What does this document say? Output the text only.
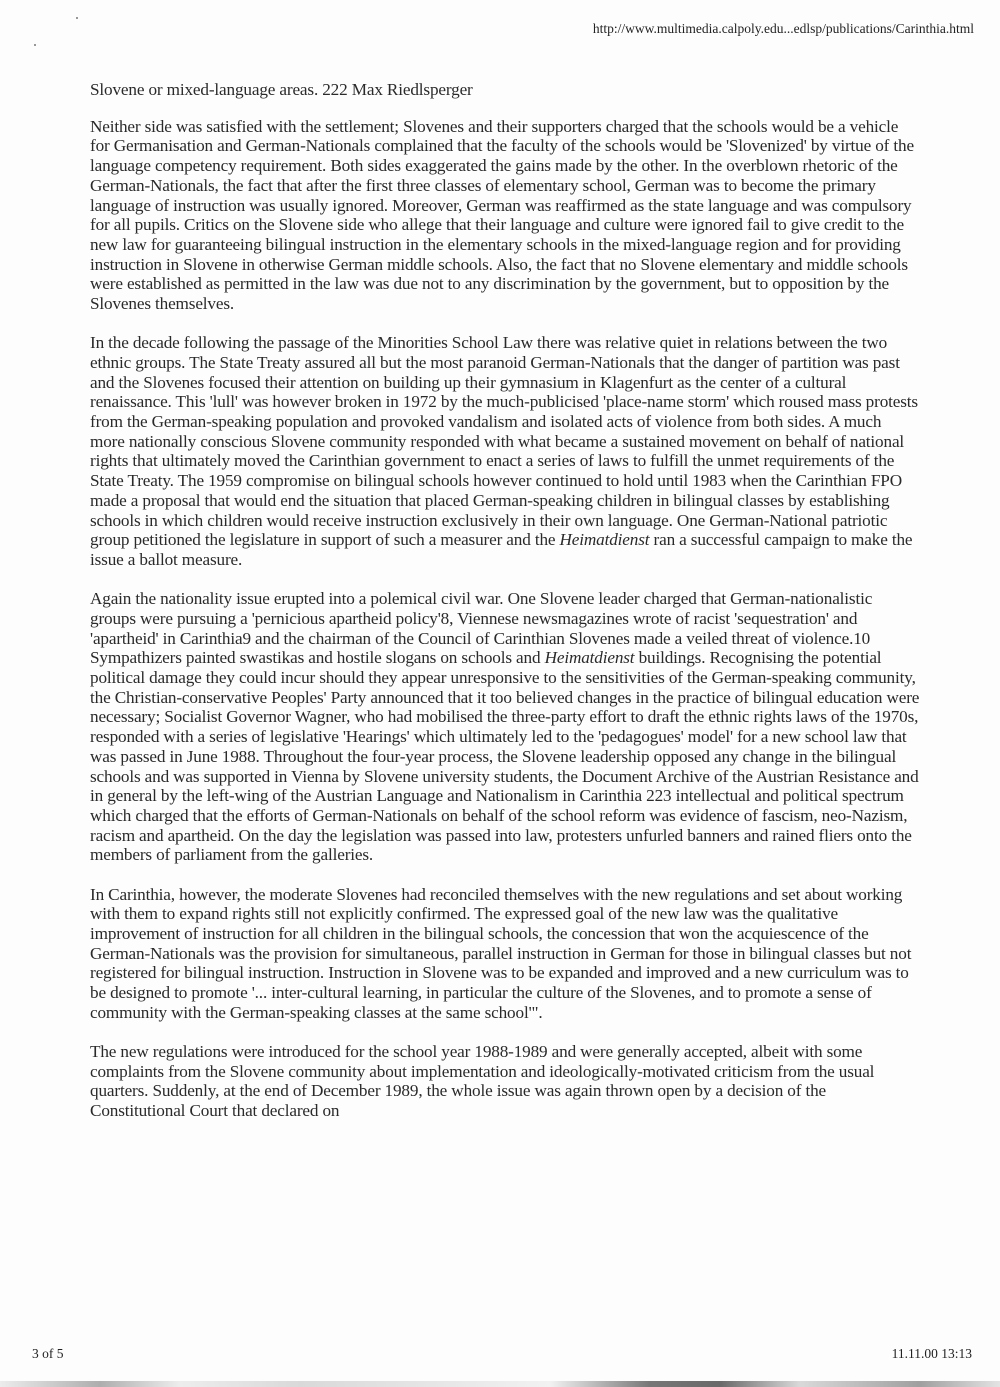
http://www.multimedia.calpoly.edu...edlsp/publications/Carinthia.html

Slovene or mixed-language areas. 222 Max Riedlsperger

Neither side was satisfied with the settlement; Slovenes and their supporters charged that the schools would be a vehicle for Germanisation and German-Nationals complained that the faculty of the schools would be 'Slovenized' by virtue of the language competency requirement. Both sides exaggerated the gains made by the other. In the overblown rhetoric of the German-Nationals, the fact that after the first three classes of elementary school, German was to become the primary language of instruction was usually ignored. Moreover, German was reaffirmed as the state language and was compulsory for all pupils. Critics on the Slovene side who allege that their language and culture were ignored fail to give credit to the new law for guaranteeing bilingual instruction in the elementary schools in the mixed-language region and for providing instruction in Slovene in otherwise German middle schools. Also, the fact that no Slovene elementary and middle schools were established as permitted in the law was due not to any discrimination by the government, but to opposition by the Slovenes themselves.

In the decade following the passage of the Minorities School Law there was relative quiet in relations between the two ethnic groups. The State Treaty assured all but the most paranoid German-Nationals that the danger of partition was past and the Slovenes focused their attention on building up their gymnasium in Klagenfurt as the center of a cultural renaissance. This 'lull' was however broken in 1972 by the much-publicised 'place-name storm' which roused mass protests from the German-speaking population and provoked vandalism and isolated acts of violence from both sides. A much more nationally conscious Slovene community responded with what became a sustained movement on behalf of national rights that ultimately moved the Carinthian government to enact a series of laws to fulfill the unmet requirements of the State Treaty. The 1959 compromise on bilingual schools however continued to hold until 1983 when the Carinthian FPO made a proposal that would end the situation that placed German-speaking children in bilingual classes by establishing schools in which children would receive instruction exclusively in their own language. One German-National patriotic group petitioned the legislature in support of such a measurer and the Heimatdienst ran a successful campaign to make the issue a ballot measure.

Again the nationality issue erupted into a polemical civil war. One Slovene leader charged that German-nationalistic groups were pursuing a 'pernicious apartheid policy'8, Viennese newsmagazines wrote of racist 'sequestration' and 'apartheid' in Carinthia9 and the chairman of the Council of Carinthian Slovenes made a veiled threat of violence.10 Sympathizers painted swastikas and hostile slogans on schools and Heimatdienst buildings. Recognising the potential political damage they could incur should they appear unresponsive to the sensitivities of the German-speaking community, the Christian-conservative Peoples' Party announced that it too believed changes in the practice of bilingual education were necessary; Socialist Governor Wagner, who had mobilised the three-party effort to draft the ethnic rights laws of the 1970s, responded with a series of legislative 'Hearings' which ultimately led to the 'pedagogues' model' for a new school law that was passed in June 1988. Throughout the four-year process, the Slovene leadership opposed any change in the bilingual schools and was supported in Vienna by Slovene university students, the Document Archive of the Austrian Resistance and in general by the left-wing of the Austrian Language and Nationalism in Carinthia 223 intellectual and political spectrum which charged that the efforts of German-Nationals on behalf of the school reform was evidence of fascism, neo-Nazism, racism and apartheid. On the day the legislation was passed into law, protesters unfurled banners and rained fliers onto the members of parliament from the galleries.

In Carinthia, however, the moderate Slovenes had reconciled themselves with the new regulations and set about working with them to expand rights still not explicitly confirmed. The expressed goal of the new law was the qualitative improvement of instruction for all children in the bilingual schools, the concession that won the acquiescence of the German-Nationals was the provision for simultaneous, parallel instruction in German for those in bilingual classes but not registered for bilingual instruction. Instruction in Slovene was to be expanded and improved and a new curriculum was to be designed to promote '... inter-cultural learning, in particular the culture of the Slovenes, and to promote a sense of community with the German-speaking classes at the same school'".

The new regulations were introduced for the school year 1988-1989 and were generally accepted, albeit with some complaints from the Slovene community about implementation and ideologically-motivated criticism from the usual quarters. Suddenly, at the end of December 1989, the whole issue was again thrown open by a decision of the Constitutional Court that declared on

3 of 5	11.11.00 13:13
